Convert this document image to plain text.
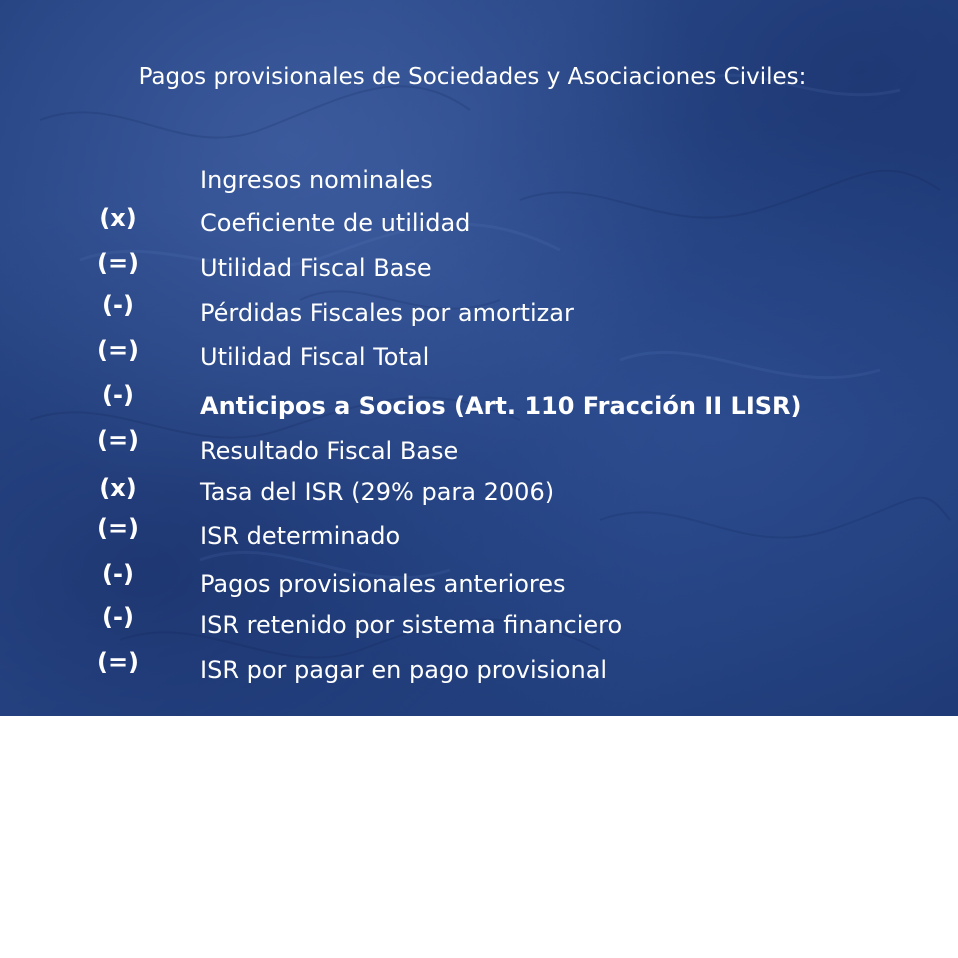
Pagos provisionales de Sociedades y Asociaciones Civiles:
(x)
(=)
(-)
(=)
(-)
(=)
(x)
(=)
(-)
(-)
(=)
Ingresos nominales
Coeficiente de utilidad
Utilidad Fiscal Base
Pérdidas Fiscales por amortizar
Utilidad Fiscal Total
Anticipos a Socios (Art. 110 Fracción II LISR)
Resultado Fiscal Base
Tasa del ISR (29% para 2006)
ISR determinado
Pagos provisionales anteriores
ISR retenido por sistema financiero
ISR por pagar en pago provisional
